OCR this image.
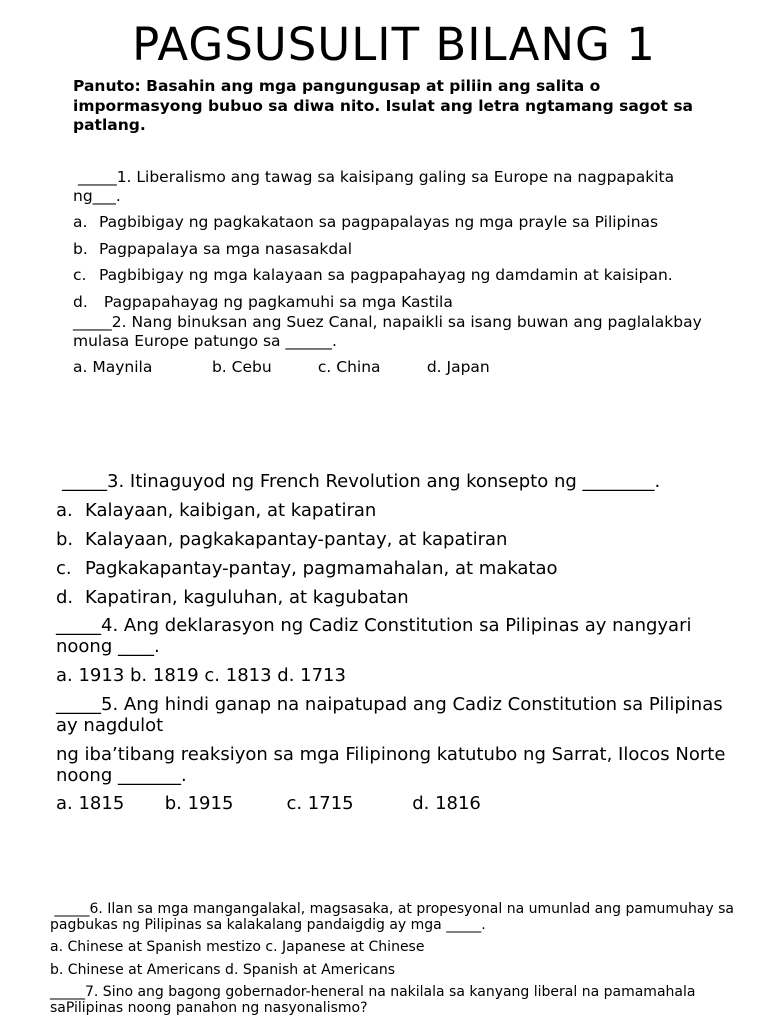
PAGSUSULIT BILANG 1

Panuto: Basahin ang mga pangungusap at piliin ang salita o impormasyong bubuo sa diwa nito. Isulat ang letra ngtamang sagot sa patlang.

_____1. Liberalismo ang tawag sa kaisipang galing sa Europe na nagpapakita ng___.

a. Pagbibigay ng pagkakataon sa pagpapalayas ng mga prayle sa Pilipinas
b. Pagpapalaya sa mga nasasakdal
c. Pagbibigay ng mga kalayaan sa pagpapahayag ng damdamin at kaisipan.
d. Pagpapahayag ng pagkamuhi sa mga Kastila

_____2. Nang binuksan ang Suez Canal, napaikli sa isang buwan ang paglalakbay mulasa Europe patungo sa ______.

a. Maynila	b. Cebu	c. China	d. Japan

_____3. Itinaguyod ng French Revolution ang konsepto ng ________.

a. Kalayaan, kaibigan, at kapatiran
b. Kalayaan, pagkakapantay-pantay, at kapatiran
c. Pagkakapantay-pantay, pagmamahalan, at makatao
d. Kapatiran, kaguluhan, at kagubatan

_____4. Ang deklarasyon ng Cadiz Constitution sa Pilipinas ay nangyari noong ____.

a. 1913 b. 1819 c. 1813 d. 1713

_____5. Ang hindi ganap na naipatupad ang Cadiz Constitution sa Pilipinas ay nagdulot

ng iba’tibang reaksiyon sa mga Filipinong katutubo ng Sarrat, Ilocos Norte noong _______.

a. 1815 b. 1915	c. 1715	d. 1816

_____6. Ilan sa mga mangangalakal, magsasaka, at propesyonal na umunlad ang pamumuhay sa pagbukas ng Pilipinas sa kalakalang pandaigdig ay mga _____.

a. Chinese at Spanish mestizo c. Japanese at Chinese

b. Chinese at Americans d. Spanish at Americans

_____7. Sino ang bagong gobernador-heneral na nakilala sa kanyang liberal na pamamahala saPilipinas noong panahon ng nasyonalismo?
